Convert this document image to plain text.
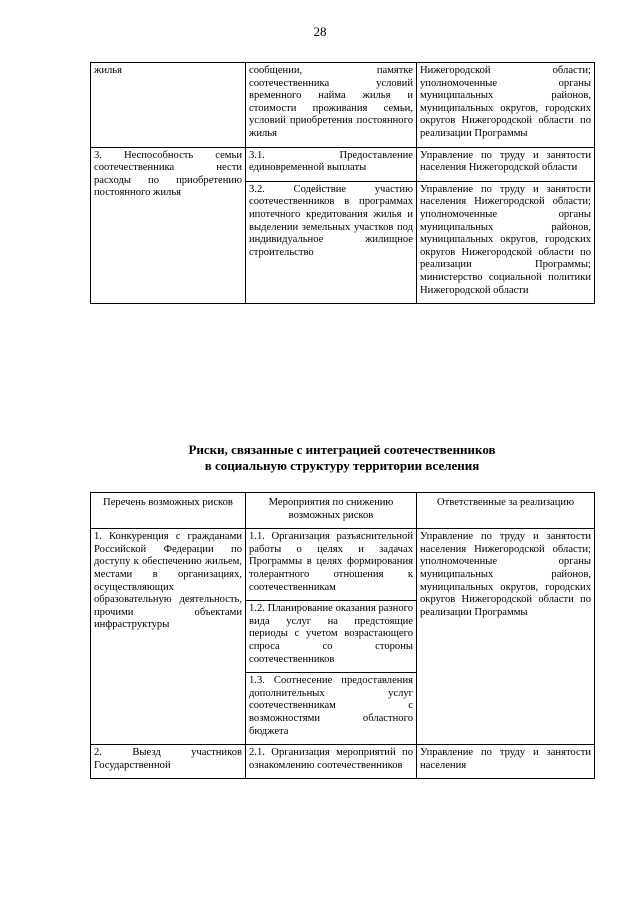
28
жилья	сообщении, памятке соотечественника условий временного найма жилья и стоимости проживания семьи, условий приобретения постоянного жилья	Нижегородской области; уполномоченные органы муниципальных районов, муниципальных округов, городских округов Нижегородской области по реализации Программы
3. Неспособность семьи соотечественника нести расходы по приобретению постоянного жилья	3.1. Предоставление единовременной выплаты	Управление по труду и занятости населения Нижегородской области
	3.2. Содействие участию соотечественников в программах ипотечного кредитования жилья и выделении земельных участков под индивидуальное жилищное строительство	Управление по труду и занятости населения Нижегородской области; уполномоченные органы муниципальных районов, муниципальных округов, городских округов Нижегородской области по реализации Программы; министерство социальной политики Нижегородской области
Риски, связанные с интеграцией соотечественников
в социальную структуру территории вселения
Перечень возможных рисков	Мероприятия по снижению возможных рисков	Ответственные за реализацию
1. Конкуренция с гражданами Российской Федерации по доступу к обеспечению жильем, местами в организациях, осуществляющих образовательную деятельность, прочими объектами инфраструктуры	1.1. Организация разъяснительной работы о целях и задачах Программы в целях формирования толерантного отношения к соотечественникам	Управление по труду и занятости населения Нижегородской области; уполномоченные органы муниципальных районов, муниципальных округов, городских округов Нижегородской области по реализации Программы
	1.2. Планирование оказания разного вида услуг на предстоящие периоды с учетом возрастающего спроса со стороны соотечественников	
	1.3. Соотнесение предоставления дополнительных услуг соотечественникам с возможностями областного бюджета	
2. Выезд участников Государственной	2.1. Организация мероприятий по ознакомлению соотечественников	Управление по труду и занятости населения
